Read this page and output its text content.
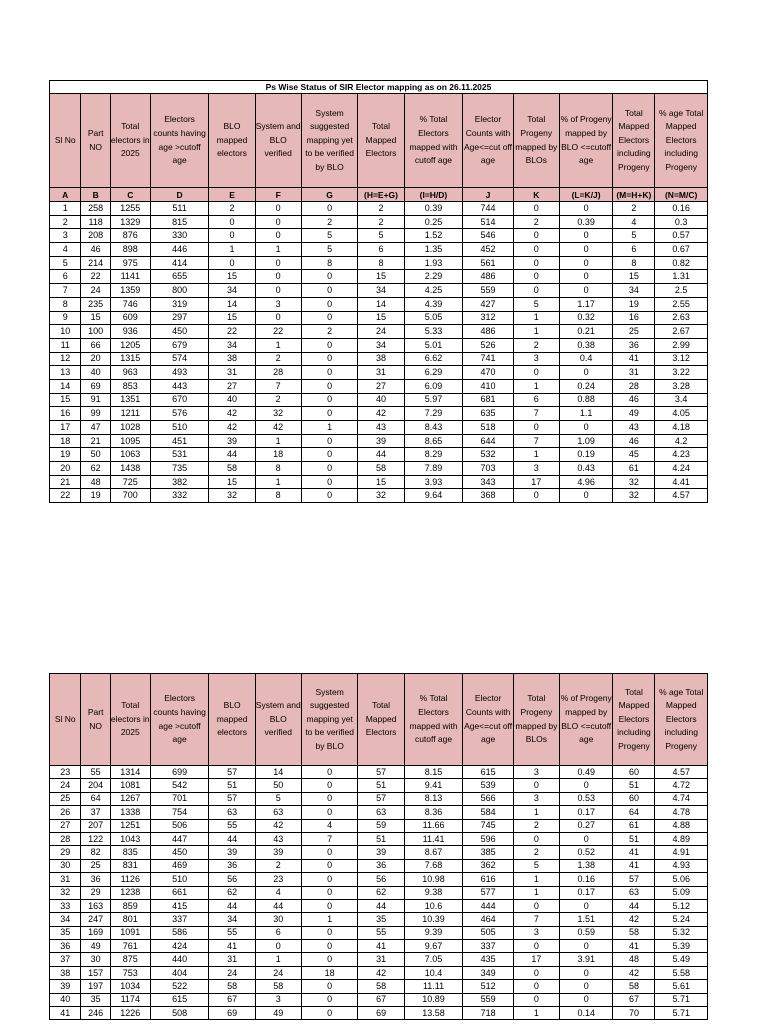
Ps Wise Status of SIR Elector mapping as on 26.11.2025													
Sl No	Part NO	Total electors in 2025	Electors counts having age >cutoff age	BLO mapped electors	System and BLO verified	System suggested mapping yet to be verified by BLO	Total Mapped Electors	% Total Electors mapped with cutoff age	Elector Counts with Age<=cut off age	Total Progeny mapped by BLOs	% of Progeny mapped by BLO <=cutoff age	Total Mapped Electors including Progeny	% age Total Mapped Electors including Progeny
A	B	C	D	E	F	G	(H=E+G)	(I=H/D)	J	K	(L=K/J)	(M=H+K)	(N=M/C)
1	258	1255	511	2	0	0	2	0.39	744	0	0	2	0.16
2	118	1329	815	0	0	2	2	0.25	514	2	0.39	4	0.3
3	208	876	330	0	0	5	5	1.52	546	0	0	5	0.57
4	46	898	446	1	1	5	6	1.35	452	0	0	6	0.67
5	214	975	414	0	0	8	8	1.93	561	0	0	8	0.82
6	22	1141	655	15	0	0	15	2.29	486	0	0	15	1.31
7	24	1359	800	34	0	0	34	4.25	559	0	0	34	2.5
8	235	746	319	14	3	0	14	4.39	427	5	1.17	19	2.55
9	15	609	297	15	0	0	15	5.05	312	1	0.32	16	2.63
10	100	936	450	22	22	2	24	5.33	486	1	0.21	25	2.67
11	66	1205	679	34	1	0	34	5.01	526	2	0.38	36	2.99
12	20	1315	574	38	2	0	38	6.62	741	3	0.4	41	3.12
13	40	963	493	31	28	0	31	6.29	470	0	0	31	3.22
14	69	853	443	27	7	0	27	6.09	410	1	0.24	28	3.28
15	91	1351	670	40	2	0	40	5.97	681	6	0.88	46	3.4
16	99	1211	576	42	32	0	42	7.29	635	7	1.1	49	4.05
17	47	1028	510	42	42	1	43	8.43	518	0	0	43	4.18
18	21	1095	451	39	1	0	39	8.65	644	7	1.09	46	4.2
19	50	1063	531	44	18	0	44	8.29	532	1	0.19	45	4.23
20	62	1438	735	58	8	0	58	7.89	703	3	0.43	61	4.24
21	48	725	382	15	1	0	15	3.93	343	17	4.96	32	4.41
22	19	700	332	32	8	0	32	9.64	368	0	0	32	4.57
Sl No	Part NO	Total electors in 2025	Electors counts having age >cutoff age	BLO mapped electors	System and BLO verified	System suggested mapping yet to be verified by BLO	Total Mapped Electors	% Total Electors mapped with cutoff age	Elector Counts with Age<=cut off age	Total Progeny mapped by BLOs	% of Progeny mapped by BLO <=cutoff age	Total Mapped Electors including Progeny	% age Total Mapped Electors including Progeny
23	55	1314	699	57	14	0	57	8.15	615	3	0.49	60	4.57
24	204	1081	542	51	50	0	51	9.41	539	0	0	51	4.72
25	64	1267	701	57	5	0	57	8.13	566	3	0.53	60	4.74
26	37	1338	754	63	63	0	63	8.36	584	1	0.17	64	4.78
27	207	1251	506	55	42	4	59	11.66	745	2	0.27	61	4.88
28	122	1043	447	44	43	7	51	11.41	596	0	0	51	4.89
29	82	835	450	39	39	0	39	8.67	385	2	0.52	41	4.91
30	25	831	469	36	2	0	36	7.68	362	5	1.38	41	4.93
31	36	1126	510	56	23	0	56	10.98	616	1	0.16	57	5.06
32	29	1238	661	62	4	0	62	9.38	577	1	0.17	63	5.09
33	163	859	415	44	44	0	44	10.6	444	0	0	44	5.12
34	247	801	337	34	30	1	35	10.39	464	7	1.51	42	5.24
35	169	1091	586	55	6	0	55	9.39	505	3	0.59	58	5.32
36	49	761	424	41	0	0	41	9.67	337	0	0	41	5.39
37	30	875	440	31	1	0	31	7.05	435	17	3.91	48	5.49
38	157	753	404	24	24	18	42	10.4	349	0	0	42	5.58
39	197	1034	522	58	58	0	58	11.11	512	0	0	58	5.61
40	35	1174	615	67	3	0	67	10.89	559	0	0	67	5.71
41	246	1226	508	69	49	0	69	13.58	718	1	0.14	70	5.71
